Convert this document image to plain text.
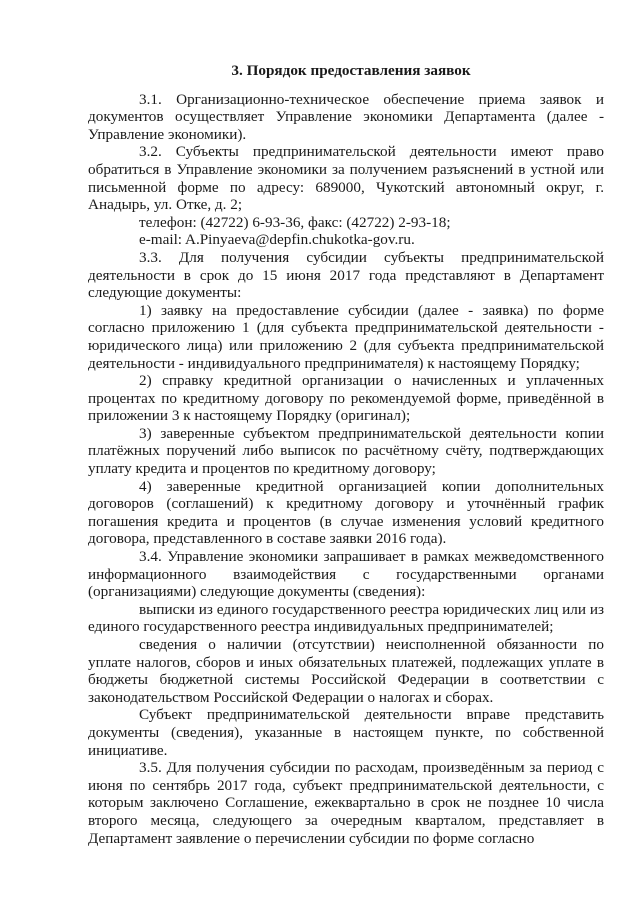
3. Порядок предоставления заявок

3.1. Организационно-техническое обеспечение приема заявок и документов осуществляет Управление экономики Департамента (далее - Управление экономики).

3.2. Субъекты предпринимательской деятельности имеют право обратиться в Управление экономики за получением разъяснений в устной или письменной форме по адресу: 689000, Чукотский автономный округ, г. Анадырь, ул. Отке, д. 2;

телефон: (42722) 6-93-36, факс: (42722) 2-93-18;

e-mail: A.Pinyaeva@depfin.chukotka-gov.ru.

3.3. Для получения субсидии субъекты предпринимательской деятельности в срок до 15 июня 2017 года представляют в Департамент следующие документы:

1) заявку на предоставление субсидии (далее - заявка) по форме согласно приложению 1 (для субъекта предпринимательской деятельности - юридического лица) или приложению 2 (для субъекта предпринимательской деятельности - индивидуального предпринимателя) к настоящему Порядку;

2) справку кредитной организации о начисленных и уплаченных процентах по кредитному договору по рекомендуемой форме, приведённой в приложении 3 к настоящему Порядку (оригинал);

3) заверенные субъектом предпринимательской деятельности копии платёжных поручений либо выписок по расчётному счёту, подтверждающих уплату кредита и процентов по кредитному договору;

4) заверенные кредитной организацией копии дополнительных договоров (соглашений) к кредитному договору и уточнённый график погашения кредита и процентов (в случае изменения условий кредитного договора, представленного в составе заявки 2016 года).

3.4. Управление экономики запрашивает в рамках межведомственного информационного взаимодействия с государственными органами (организациями) следующие документы (сведения):

выписки из единого государственного реестра юридических лиц или из единого государственного реестра индивидуальных предпринимателей;

сведения о наличии (отсутствии) неисполненной обязанности по уплате налогов, сборов и иных обязательных платежей, подлежащих уплате в бюджеты бюджетной системы Российской Федерации в соответствии с законодательством Российской Федерации о налогах и сборах.

Субъект предпринимательской деятельности вправе представить документы (сведения), указанные в настоящем пункте, по собственной инициативе.

3.5. Для получения субсидии по расходам, произведённым за период с июня по сентябрь 2017 года, субъект предпринимательской деятельности, с которым заключено Соглашение, ежеквартально в срок не позднее 10 числа второго месяца, следующего за очередным кварталом, представляет в Департамент заявление о перечислении субсидии по форме согласно
